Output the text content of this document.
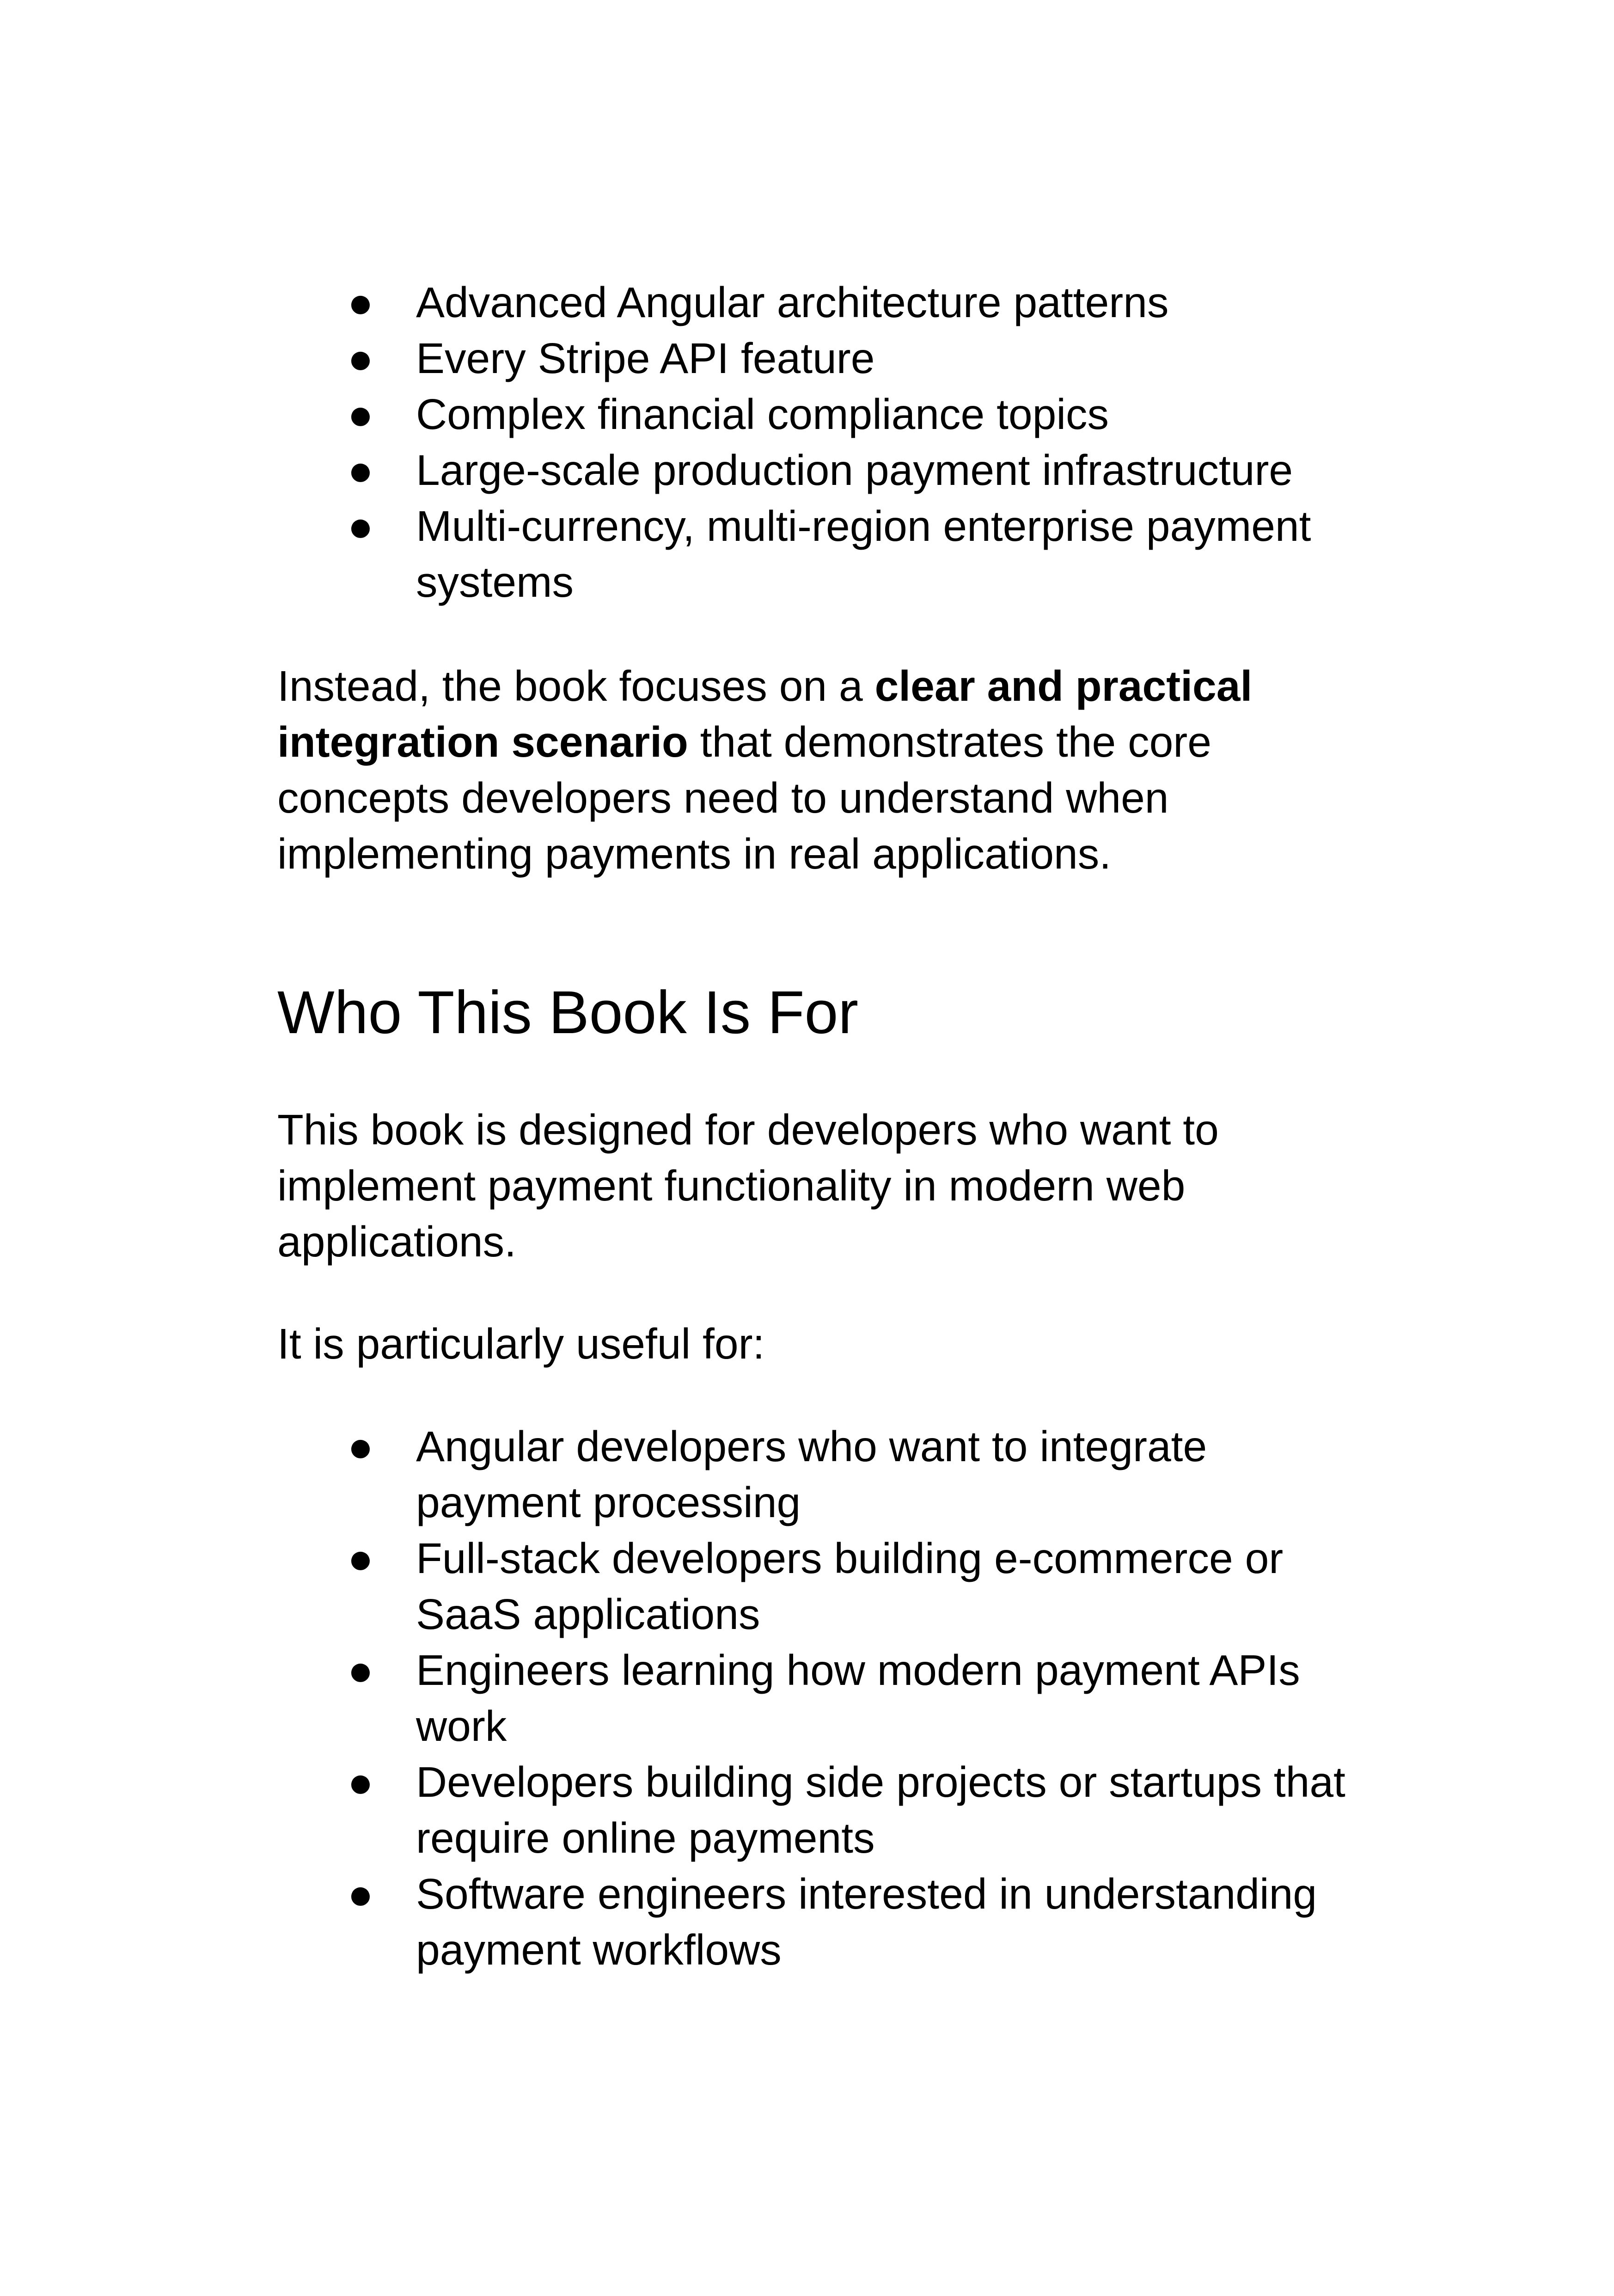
● Advanced Angular architecture patterns
● Every Stripe API feature
● Complex financial compliance topics
● Large-scale production payment infrastructure
● Multi-currency, multi-region enterprise payment systems

Instead, the book focuses on a clear and practical integration scenario that demonstrates the core concepts developers need to understand when implementing payments in real applications.

Who This Book Is For

This book is designed for developers who want to implement payment functionality in modern web applications.

It is particularly useful for:

● Angular developers who want to integrate payment processing
● Full-stack developers building e-commerce or SaaS applications
● Engineers learning how modern payment APIs work
● Developers building side projects or startups that require online payments
● Software engineers interested in understanding payment workflows
